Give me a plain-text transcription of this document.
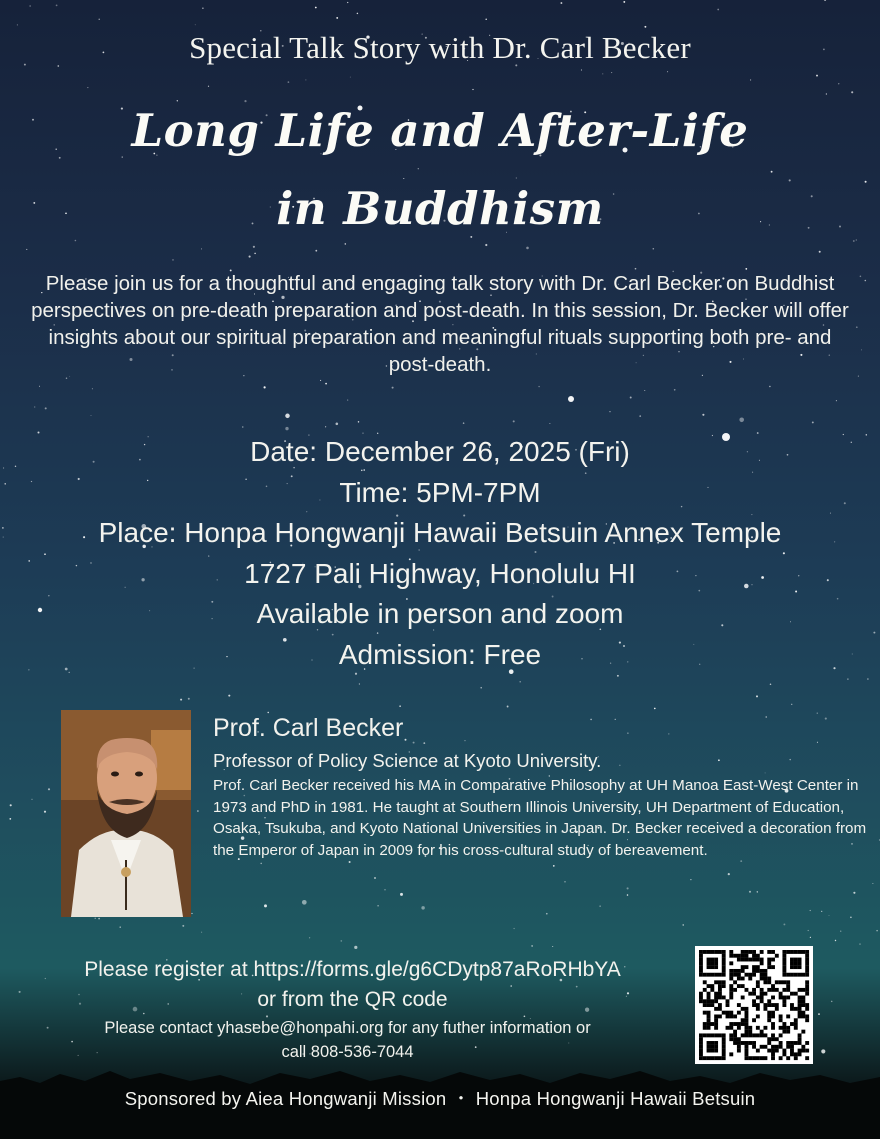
Special Talk Story with Dr. Carl Becker
Long Life and After-Life
in Buddhism
Please join us for a thoughtful and engaging talk story with Dr. Carl Becker on Buddhist perspectives on pre-death preparation and post-death. In this session, Dr. Becker will offer insights about our spiritual preparation and meaningful rituals supporting both pre- and post-death.
Date: December 26, 2025 (Fri)
Time: 5PM-7PM
Place: Honpa Hongwanji Hawaii Betsuin Annex Temple
1727 Pali Highway, Honolulu HI
Available in person and zoom
Admission: Free
Prof. Carl Becker
Professor of Policy Science at Kyoto University.
Prof. Carl Becker received his MA in Comparative Philosophy at UH Manoa East-West Center in 1973 and PhD in 1981. He taught at Southern Illinois University, UH Department of Education, Osaka, Tsukuba, and Kyoto National Universities in Japan. Dr. Becker received a decoration from the Emperor of Japan in 2009 for his cross-cultural study of bereavement.
Please register at https://forms.gle/g6CDytp87aRoRHbYA
or from the QR code
Please contact yhasebe@honpahi.org for any futher information or
call 808-536-7044
Sponsored by Aiea Hongwanji Mission ・ Honpa Hongwanji Hawaii Betsuin
